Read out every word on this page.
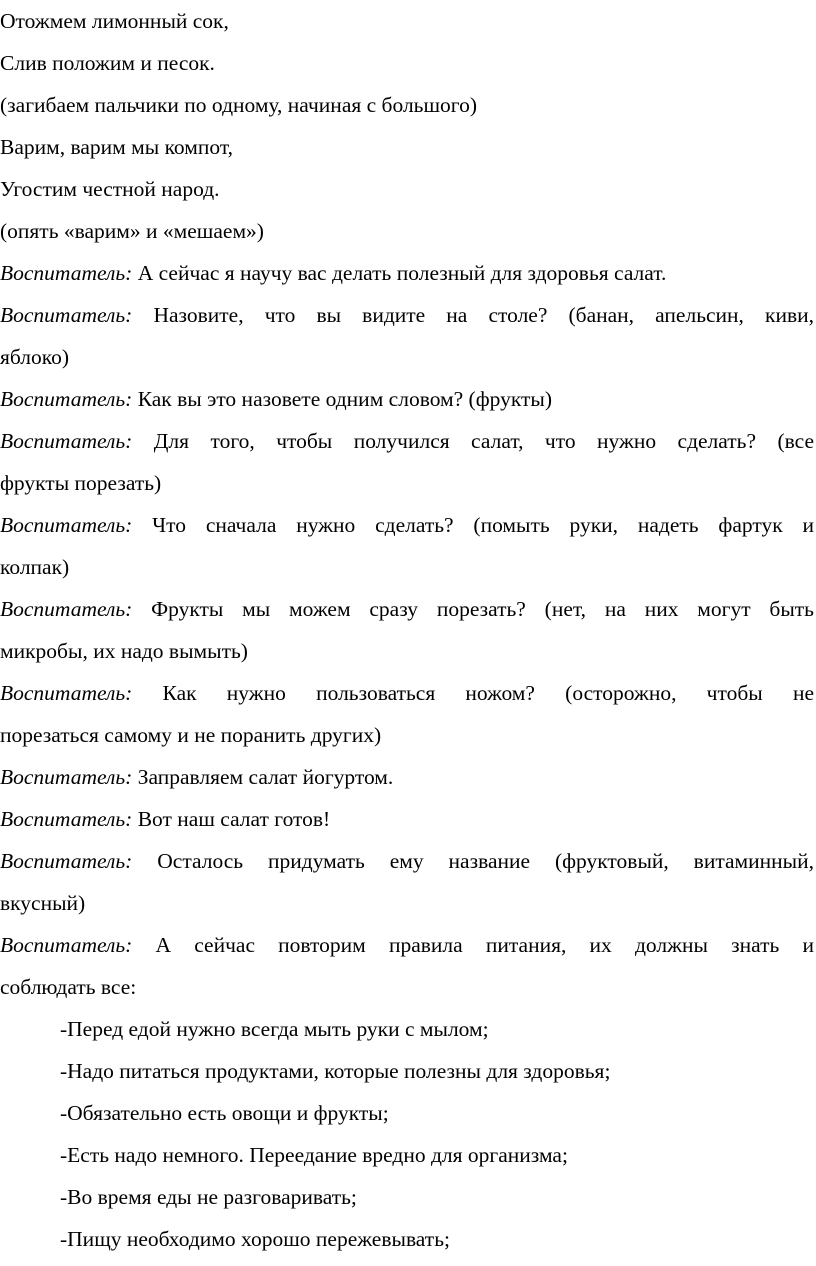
Отожмем лимонный сок,
Слив положим и песок.
(загибаем пальчики по одному, начиная с большого)
Варим, варим мы компот,
Угостим честной народ.
(опять «варим» и «мешаем»)
Воспитатель: А сейчас я научу вас делать полезный для здоровья салат.
Воспитатель: Назовите, что вы видите на столе? (банан, апельсин, киви,
яблоко)
Воспитатель: Как вы это назовете одним словом? (фрукты)
Воспитатель: Для того, чтобы получился салат, что нужно сделать? (все
фрукты порезать)
Воспитатель: Что сначала нужно сделать? (помыть руки, надеть фартук и
колпак)
Воспитатель: Фрукты мы можем сразу порезать? (нет, на них могут быть
микробы, их надо вымыть)
Воспитатель: Как нужно пользоваться ножом? (осторожно, чтобы не
порезаться самому и не поранить других)
Воспитатель: Заправляем салат йогуртом.
Воспитатель: Вот наш салат готов!
Воспитатель: Осталось придумать ему название (фруктовый, витаминный,
вкусный)
Воспитатель: А сейчас повторим правила питания, их должны знать и
соблюдать все:
-Перед едой нужно всегда мыть руки с мылом;
-Надо питаться продуктами, которые полезны для здоровья;
-Обязательно есть овощи и фрукты;
-Есть надо немного. Переедание вредно для организма;
-Во время еды не разговаривать;
-Пищу необходимо хорошо пережевывать;
